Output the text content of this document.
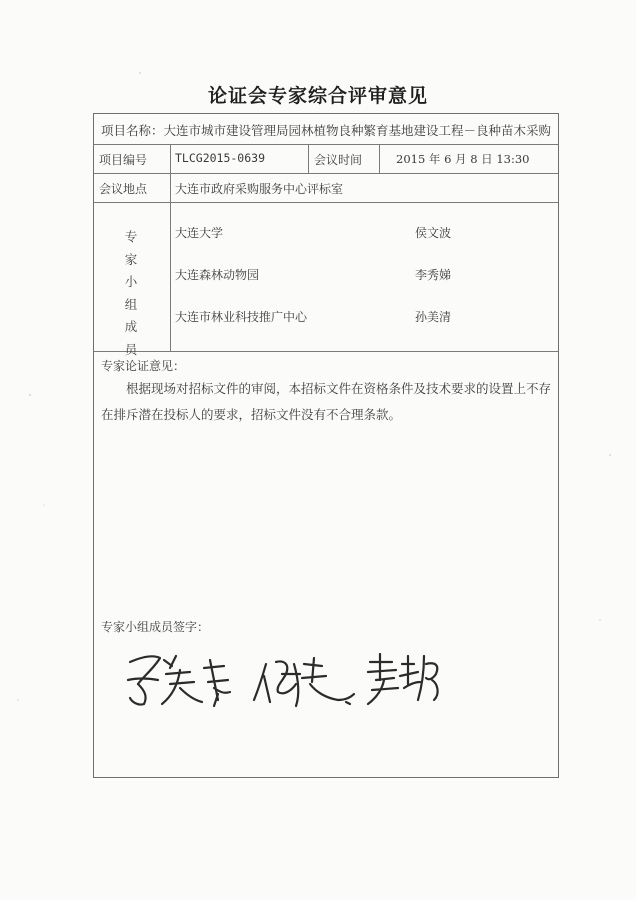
论证会专家综合评审意见
项目名称：大连市城市建设管理局园林植物良种繁育基地建设工程－良种苗木采购
项目编号 TLCG2015-0639	会议时间	2015 年 6 月 8 日 13:30
会议地点 大连市政府采购服务中心评标室
专家小组成员
大连大学	侯文波
大连森林动物园	李秀娣
大连市林业科技推广中心	孙美清
专家论证意见：

根据现场对招标文件的审阅，本招标文件在资格条件及技术要求的设置上不存在排斥潜在投标人的要求，招标文件没有不合理条款。

专家小组成员签字：
